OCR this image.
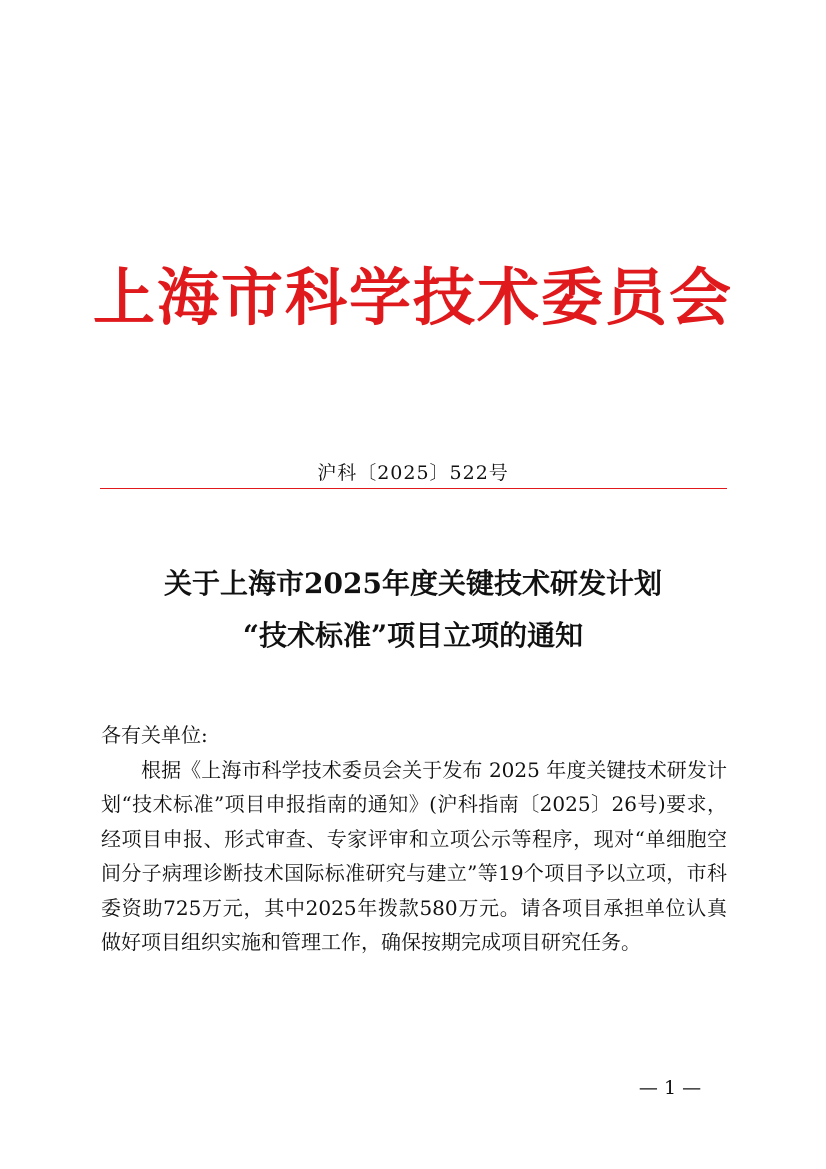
上海市科学技术委员会
沪科〔2025〕522号
关于上海市2025年度关键技术研发计划
“技术标准”项目立项的通知

各有关单位:

根据《上海市科学技术委员会关于发布 2025 年度关键技术研发计划“技术标准”项目申报指南的通知》(沪科指南〔2025〕26号)要求，经项目申报、形式审查、专家评审和立项公示等程序，现对“单细胞空间分子病理诊断技术国际标准研究与建立”等19个项目予以立项，市科委资助725万元，其中2025年拨款580万元。请各项目承担单位认真做好项目组织实施和管理工作，确保按期完成项目研究任务。

— 1 —
